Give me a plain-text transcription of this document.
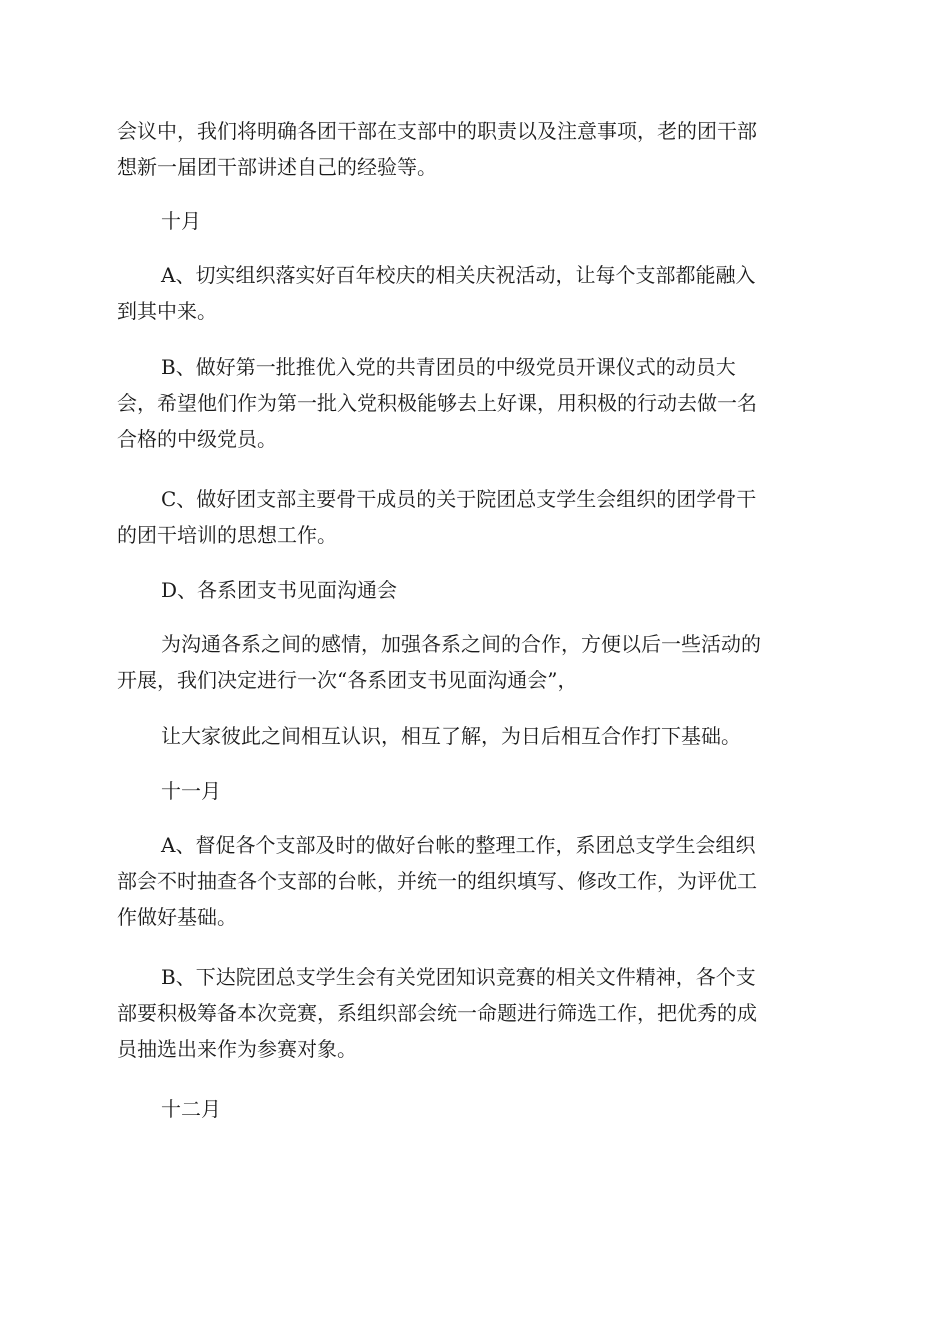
会议中，我们将明确各团干部在支部中的职责以及注意事项，老的团干部
想新一届团干部讲述自己的经验等。
十月
A、切实组织落实好百年校庆的相关庆祝活动，让每个支部都能融入
到其中来。
B、做好第一批推优入党的共青团员的中级党员开课仪式的动员大
会，希望他们作为第一批入党积极能够去上好课，用积极的行动去做一名
合格的中级党员。
C、做好团支部主要骨干成员的关于院团总支学生会组织的团学骨干
的团干培训的思想工作。
D、各系团支书见面沟通会
为沟通各系之间的感情，加强各系之间的合作，方便以后一些活动的
开展，我们决定进行一次“各系团支书见面沟通会”，
让大家彼此之间相互认识，相互了解，为日后相互合作打下基础。
十一月
A、督促各个支部及时的做好台帐的整理工作，系团总支学生会组织
部会不时抽查各个支部的台帐，并统一的组织填写、修改工作，为评优工
作做好基础。
B、下达院团总支学生会有关党团知识竞赛的相关文件精神，各个支
部要积极筹备本次竞赛，系组织部会统一命题进行筛选工作，把优秀的成
员抽选出来作为参赛对象。
十二月
